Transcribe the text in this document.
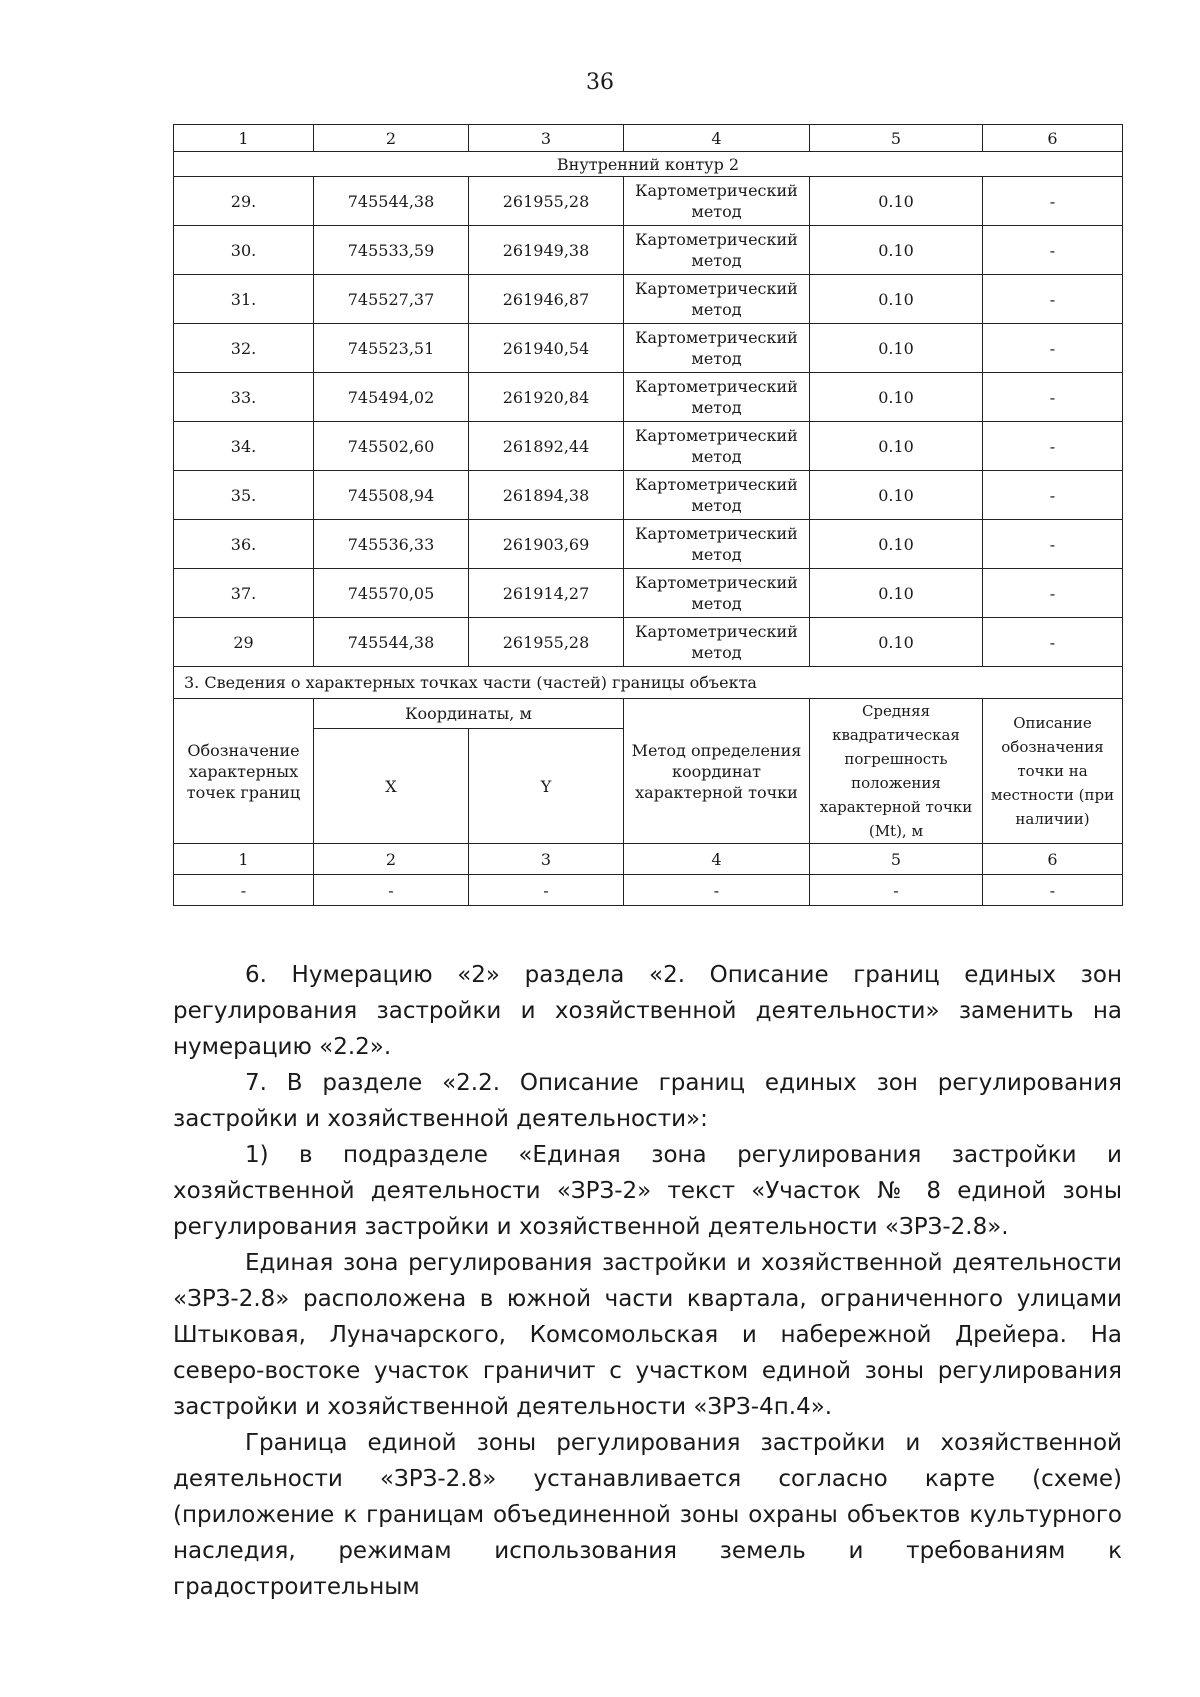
36
1	2	3	4	5	6
Внутренний контур 2					
29.	745544,38	261955,28	Картометрический метод	0.10	-
30.	745533,59	261949,38	Картометрический метод	0.10	-
31.	745527,37	261946,87	Картометрический метод	0.10	-
32.	745523,51	261940,54	Картометрический метод	0.10	-
33.	745494,02	261920,84	Картометрический метод	0.10	-
34.	745502,60	261892,44	Картометрический метод	0.10	-
35.	745508,94	261894,38	Картометрический метод	0.10	-
36.	745536,33	261903,69	Картометрический метод	0.10	-
37.	745570,05	261914,27	Картометрический метод	0.10	-
29	745544,38	261955,28	Картометрический метод	0.10	-
3. Сведения о характерных точках части (частей) границы объекта					
Обозначение характерных точек границ	Координаты, м		Метод определения координат характерной точки	Средняя квадратическая погрешность положения характерной точки (Mt), м	Описание обозначения точки на местности (при наличии)
	X	Y			
1	2	3	4	5	6
-	-	-	-	-	-

6. Нумерацию «2» раздела «2. Описание границ единых зон регулирования застройки и хозяйственной деятельности» заменить на нумерацию «2.2».

7. В разделе «2.2. Описание границ единых зон регулирования застройки и хозяйственной деятельности»:

1) в подразделе «Единая зона регулирования застройки и хозяйственной деятельности «ЗРЗ-2» текст «Участок № 8 единой зоны регулирования застройки и хозяйственной деятельности «ЗРЗ-2.8».

Единая зона регулирования застройки и хозяйственной деятельности «ЗРЗ-2.8» расположена в южной части квартала, ограниченного улицами Штыковая, Луначарского, Комсомольская и набережной Дрейера. На северо-востоке участок граничит с участком единой зоны регулирования застройки и хозяйственной деятельности «ЗРЗ-4п.4».

Граница единой зоны регулирования застройки и хозяйственной деятельности «ЗРЗ-2.8» устанавливается согласно карте (схеме) (приложение к границам объединенной зоны охраны объектов культурного наследия, режимам использования земель и требованиям к градостроительным
